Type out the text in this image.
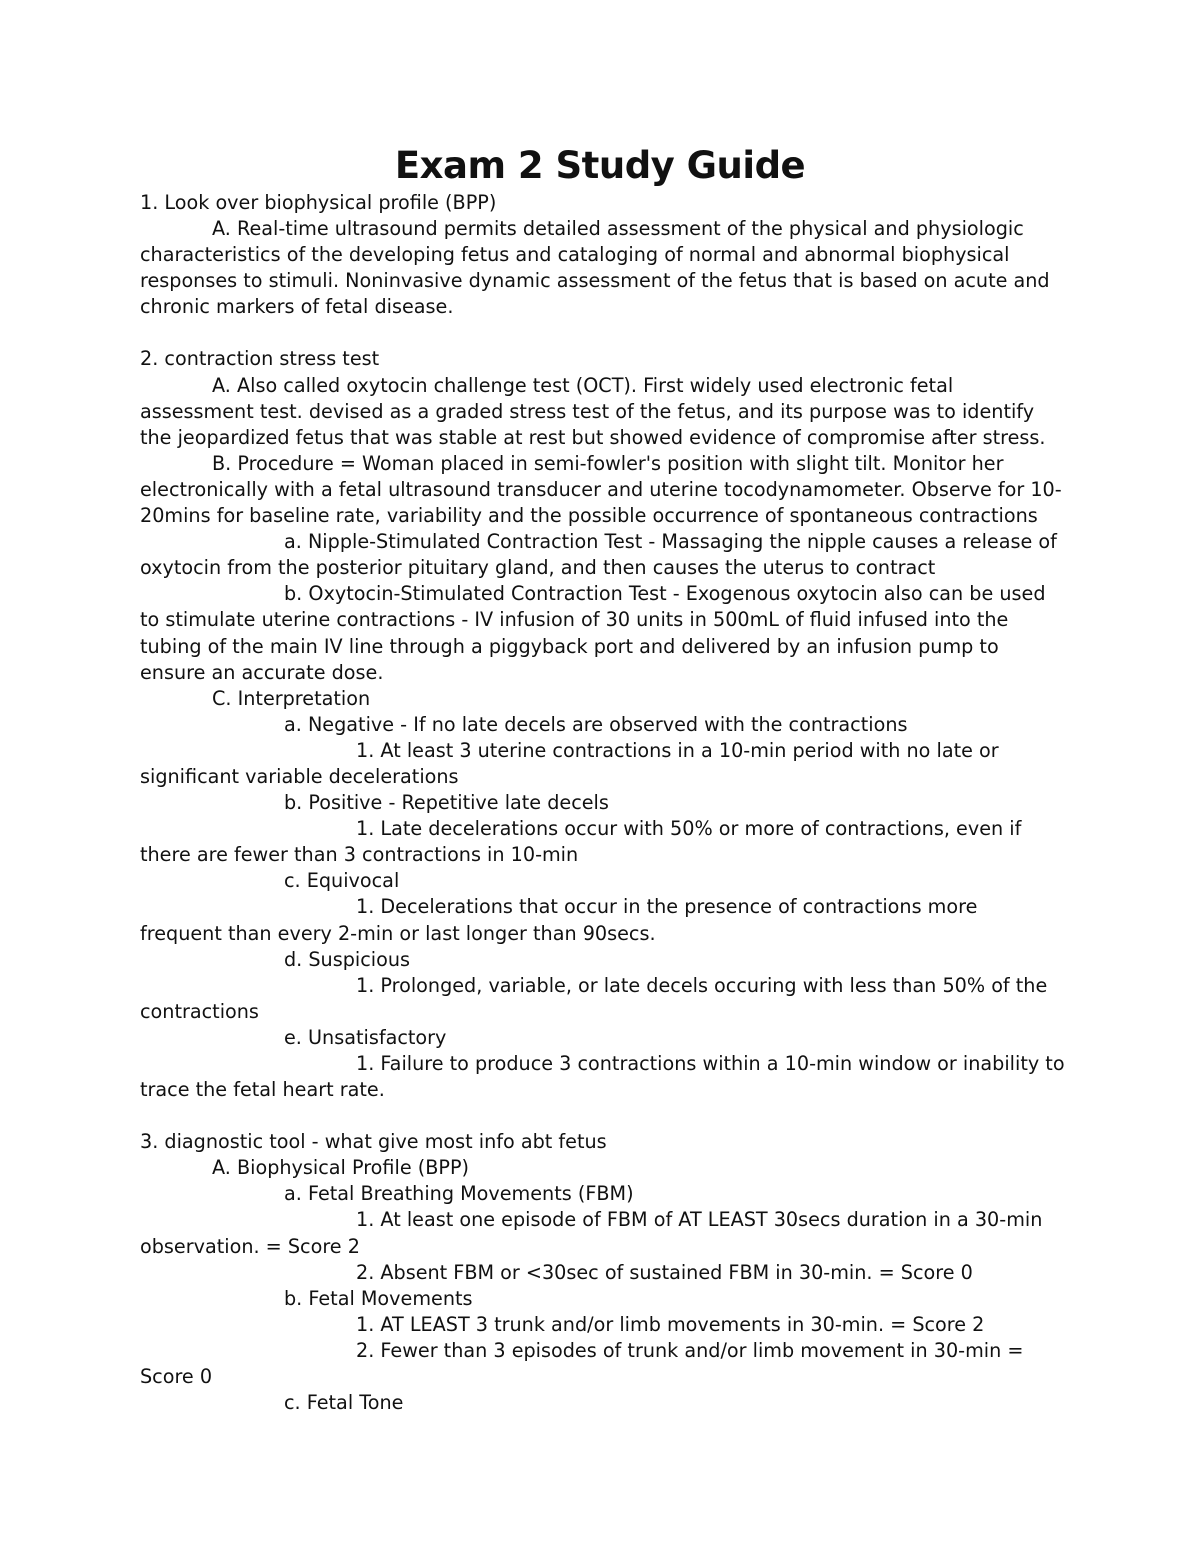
Exam 2 Study Guide

1. Look over biophysical profile (BPP)

A. Real-time ultrasound permits detailed assessment of the physical and physiologic characteristics of the developing fetus and cataloging of normal and abnormal biophysical responses to stimuli. Noninvasive dynamic assessment of the fetus that is based on acute and chronic markers of fetal disease.

2. contraction stress test

A. Also called oxytocin challenge test (OCT). First widely used electronic fetal assessment test. devised as a graded stress test of the fetus, and its purpose was to identify the jeopardized fetus that was stable at rest but showed evidence of compromise after stress.

B. Procedure = Woman placed in semi-fowler's position with slight tilt. Monitor her electronically with a fetal ultrasound transducer and uterine tocodynamometer. Observe for 10-20mins for baseline rate, variability and the possible occurrence of spontaneous contractions

a. Nipple-Stimulated Contraction Test - Massaging the nipple causes a release of oxytocin from the posterior pituitary gland, and then causes the uterus to contract

b. Oxytocin-Stimulated Contraction Test - Exogenous oxytocin also can be used to stimulate uterine contractions - IV infusion of 30 units in 500mL of fluid infused into the tubing of the main IV line through a piggyback port and delivered by an infusion pump to ensure an accurate dose.

C. Interpretation

a. Negative - If no late decels are observed with the contractions

1. At least 3 uterine contractions in a 10-min period with no late or significant variable decelerations

b. Positive - Repetitive late decels

1. Late decelerations occur with 50% or more of contractions, even if there are fewer than 3 contractions in 10-min

c. Equivocal

1. Decelerations that occur in the presence of contractions more frequent than every 2-min or last longer than 90secs.

d. Suspicious

1. Prolonged, variable, or late decels occuring with less than 50% of the contractions

e. Unsatisfactory

1. Failure to produce 3 contractions within a 10-min window or inability to trace the fetal heart rate.

3. diagnostic tool - what give most info abt fetus

A. Biophysical Profile (BPP)

a. Fetal Breathing Movements (FBM)

1. At least one episode of FBM of AT LEAST 30secs duration in a 30-min observation. = Score 2

2. Absent FBM or <30sec of sustained FBM in 30-min. = Score 0

b. Fetal Movements

1. AT LEAST 3 trunk and/or limb movements in 30-min. = Score 2

2. Fewer than 3 episodes of trunk and/or limb movement in 30-min = Score 0

c. Fetal Tone
